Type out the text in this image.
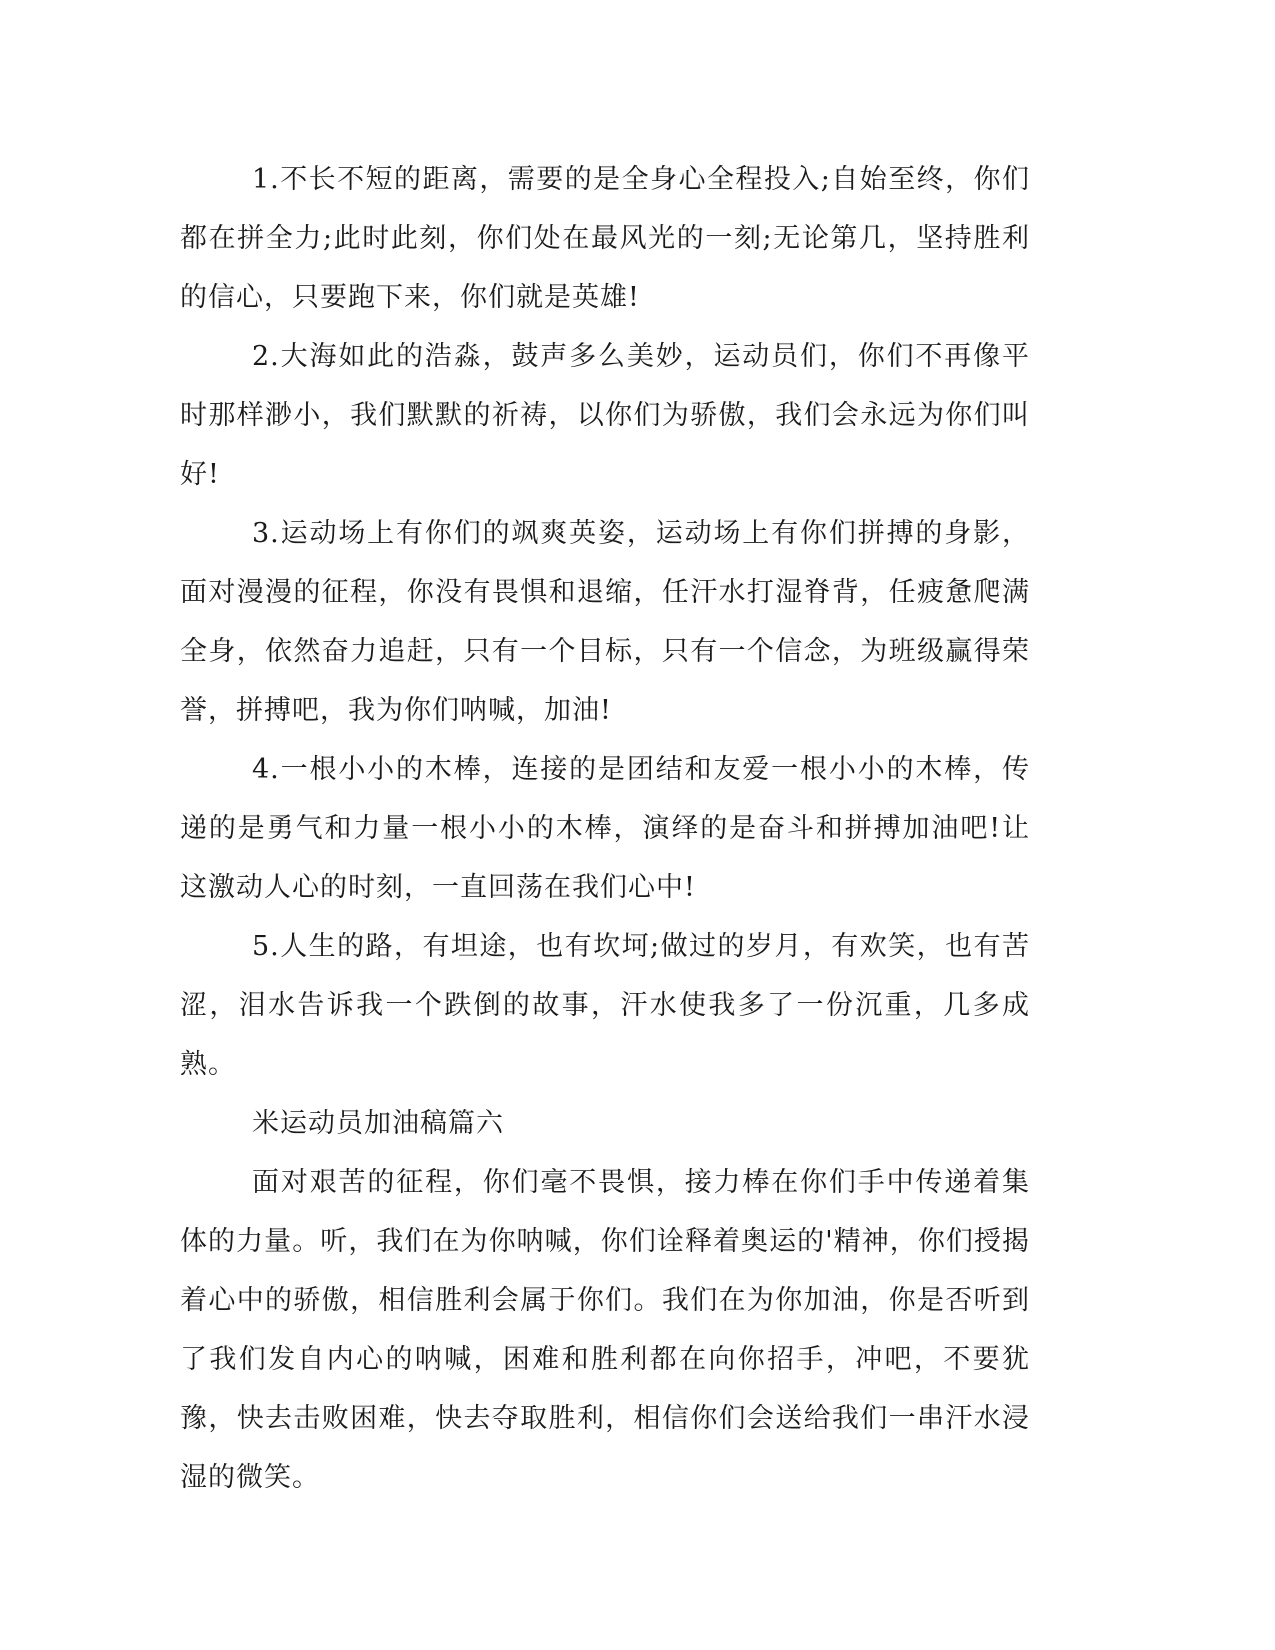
1.不长不短的距离，需要的是全身心全程投入;自始至终，你们都在拼全力;此时此刻，你们处在最风光的一刻;无论第几，坚持胜利的信心，只要跑下来，你们就是英雄!

2.大海如此的浩淼，鼓声多么美妙，运动员们，你们不再像平时那样渺小，我们默默的祈祷，以你们为骄傲，我们会永远为你们叫好!

3.运动场上有你们的飒爽英姿，运动场上有你们拼搏的身影，面对漫漫的征程，你没有畏惧和退缩，任汗水打湿脊背，任疲惫爬满全身，依然奋力追赶，只有一个目标，只有一个信念，为班级赢得荣誉，拼搏吧，我为你们呐喊，加油!

4.一根小小的木棒，连接的是团结和友爱一根小小的木棒，传递的是勇气和力量一根小小的木棒，演绎的是奋斗和拼搏加油吧!让这激动人心的时刻，一直回荡在我们心中!

5.人生的路，有坦途，也有坎坷;做过的岁月，有欢笑，也有苦涩，泪水告诉我一个跌倒的故事，汗水使我多了一份沉重，几多成熟。

米运动员加油稿篇六

面对艰苦的征程，你们毫不畏惧，接力棒在你们手中传递着集体的力量。听，我们在为你呐喊，你们诠释着奥运的'精神，你们授揭着心中的骄傲，相信胜利会属于你们。我们在为你加油，你是否听到了我们发自内心的呐喊，困难和胜利都在向你招手，冲吧，不要犹豫，快去击败困难，快去夺取胜利，相信你们会送给我们一串汗水浸湿的微笑。
